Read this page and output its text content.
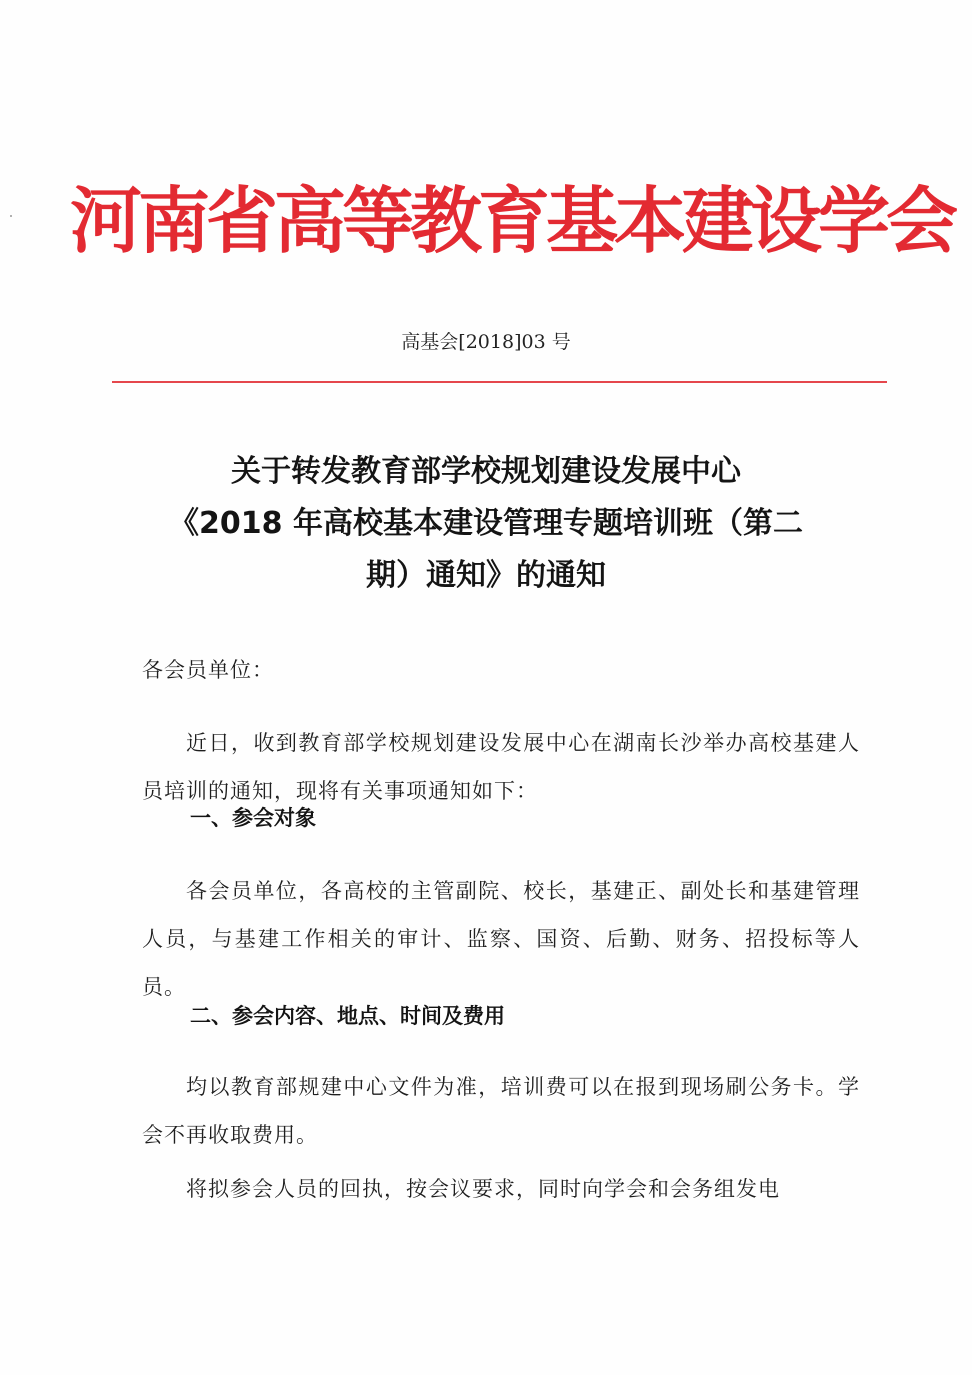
河南省高等教育基本建设学会
高基会[2018]03 号
关于转发教育部学校规划建设发展中心
《2018 年高校基本建设管理专题培训班（第二
期）通知》的通知
各会员单位：

近日，收到教育部学校规划建设发展中心在湖南长沙举办高校基建人员培训的通知，现将有关事项通知如下：

一、参会对象

各会员单位，各高校的主管副院、校长，基建正、副处长和基建管理人员，与基建工作相关的审计、监察、国资、后勤、财务、招投标等人员。

二、参会内容、地点、时间及费用

均以教育部规建中心文件为准，培训费可以在报到现场刷公务卡。学会不再收取费用。

将拟参会人员的回执，按会议要求，同时向学会和会务组发电
